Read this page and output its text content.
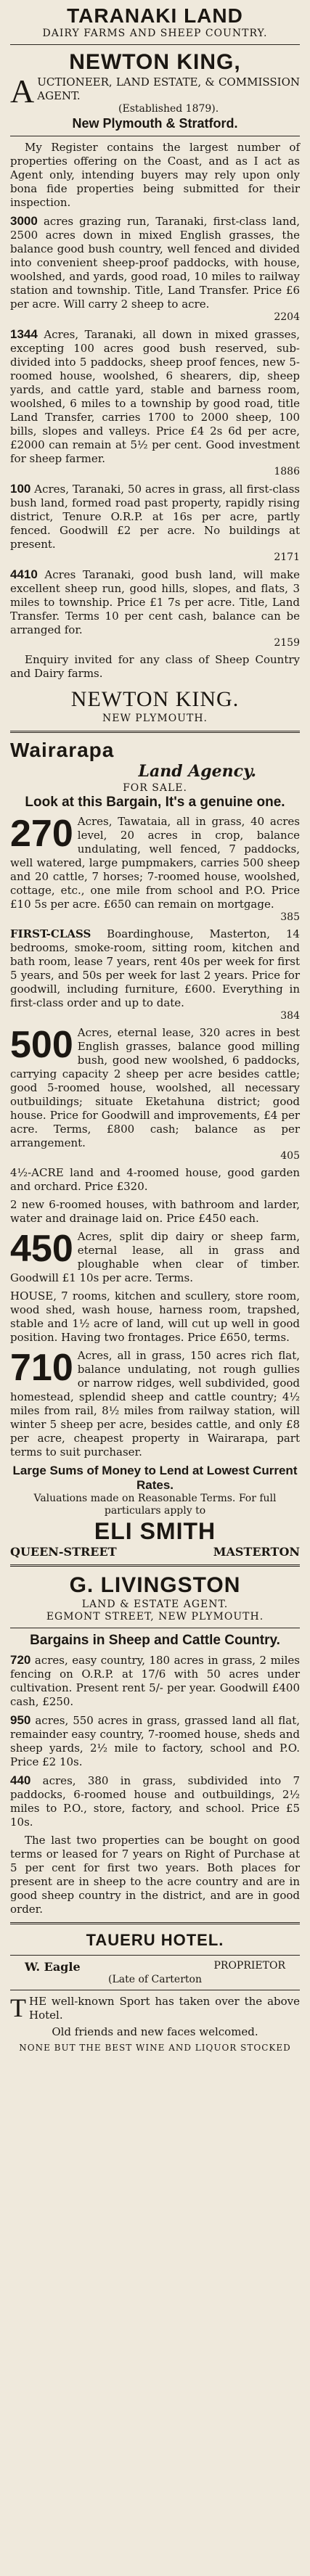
TARANAKI LAND
DAIRY FARMS AND SHEEP COUNTRY.
NEWTON KING,

A UCTIONEER, LAND ESTATE, & COMMISSION AGENT.

(Established 1879).
New Plymouth & Stratford.

My Register contains the largest number of properties offering on the Coast, and as I act as Agent only, intending buyers may rely upon only bona fide properties being submitted for their inspection.

3000 acres grazing run, Taranaki, first-class land, 2500 acres down in mixed English grasses, the balance good bush country, well fenced and divided into convenient sheep-proof paddocks, with house, woolshed, and yards, good road, 10 miles to railway station and township. Title, Land Transfer. Price £6 per acre. Will carry 2 sheep to acre.

2204

1344 Acres, Taranaki, all down in mixed grasses, excepting 100 acres good bush reserved, sub-divided into 5 paddocks, sheep proof fences, new 5-roomed house, woolshed, 6 shearers, dip, sheep yards, and cattle yard, stable and barness room, woolshed, 6 miles to a township by good road, title Land Transfer, carries 1700 to 2000 sheep, 100 bills, slopes and valleys. Price £4 2s 6d per acre, £2000 can remain at 5½ per cent. Good investment for sheep farmer.

1886

100 Acres, Taranaki, 50 acres in grass, all first-class bush land, formed road past property, rapidly rising district, Tenure O.R.P. at 16s per acre, partly fenced. Goodwill £2 per acre. No buildings at present.

2171

4410 Acres Taranaki, good bush land, will make excellent sheep run, good hills, slopes, and flats, 3 miles to township. Price £1 7s per acre. Title, Land Transfer. Terms 10 per cent cash, balance can be arranged for.

2159

Enquiry invited for any class of Sheep Country and Dairy farms.

NEWTON KING.
NEW PLYMOUTH.
Wairarapa
Land Agency.
FOR SALE.
Look at this Bargain, It's a genuine one.

270 Acres, Tawataia, all in grass, 40 acres level, 20 acres in crop, balance undulating, well fenced, 7 paddocks, well watered, large pumpmakers, carries 500 sheep and 20 cattle, 7 horses; 7-roomed house, woolshed, cottage, etc., one mile from school and P.O. Price £10 5s per acre. £650 can remain on mortgage.

385

FIRST-CLASS Boardinghouse, Masterton, 14 bedrooms, smoke-room, sitting room, kitchen and bath room, lease 7 years, rent 40s per week for first 5 years, and 50s per week for last 2 years. Price for goodwill, including furniture, £600. Everything in first-class order and up to date.

384

500 Acres, eternal lease, 320 acres in best English grasses, balance good milling bush, good new woolshed, 6 paddocks, carrying capacity 2 sheep per acre besides cattle; good 5-roomed house, woolshed, all necessary outbuildings; situate Eketahuna district; good house. Price for Goodwill and improvements, £4 per acre. Terms, £800 cash; balance as per arrangement.

405

4½-ACRE land and 4-roomed house, good garden and orchard. Price £320.

2 new 6-roomed houses, with bathroom and larder, water and drainage laid on. Price £450 each.

450 Acres, split dip dairy or sheep farm, eternal lease, all in grass and ploughable when clear of timber. Goodwill £1 10s per acre. Terms.

HOUSE, 7 rooms, kitchen and scullery, store room, wood shed, wash house, harness room, trapshed, stable and 1½ acre of land, will cut up well in good position. Having two frontages. Price £650, terms.

710 Acres, all in grass, 150 acres rich flat, balance undulating, not rough gullies or narrow ridges, well subdivided, good homestead, splendid sheep and cattle country; 4½ miles from rail, 8½ miles from railway station, will winter 5 sheep per acre, besides cattle, and only £8 per acre, cheapest property in Wairarapa, part terms to suit purchaser.

Large Sums of Money to Lend at Lowest Current Rates.
Valuations made on Reasonable Terms. For full particulars apply to
ELI SMITH
QUEEN-STREET	MASTERTON
G. LIVINGSTON
LAND & ESTATE AGENT.
EGMONT STREET, NEW PLYMOUTH.
Bargains in Sheep and Cattle Country.

720 acres, easy country, 180 acres in grass, 2 miles fencing on O.R.P. at 17/6 with 50 acres under cultivation. Present rent 5/- per year. Goodwill £400 cash, £250.

950 acres, 550 acres in grass, grassed land all flat, remainder easy country, 7-roomed house, sheds and sheep yards, 2½ mile to factory, school and P.O. Price £2 10s.

440 acres, 380 in grass, subdivided into 7 paddocks, 6-roomed house and outbuildings, 2½ miles to P.O., store, factory, and school. Price £5 10s.

The last two properties can be bought on good terms or leased for 7 years on Right of Purchase at 5 per cent for first two years. Both places for present are in sheep to the acre country and are in good sheep country in the district, and are in good order.

TAUERU HOTEL.
W. Eagle	PROPRIETOR
(Late of Carterton

T HE well-known Sport has taken over the above Hotel.

Old friends and new faces welcomed.
NONE BUT THE BEST WINE AND LIQUOR STOCKED
